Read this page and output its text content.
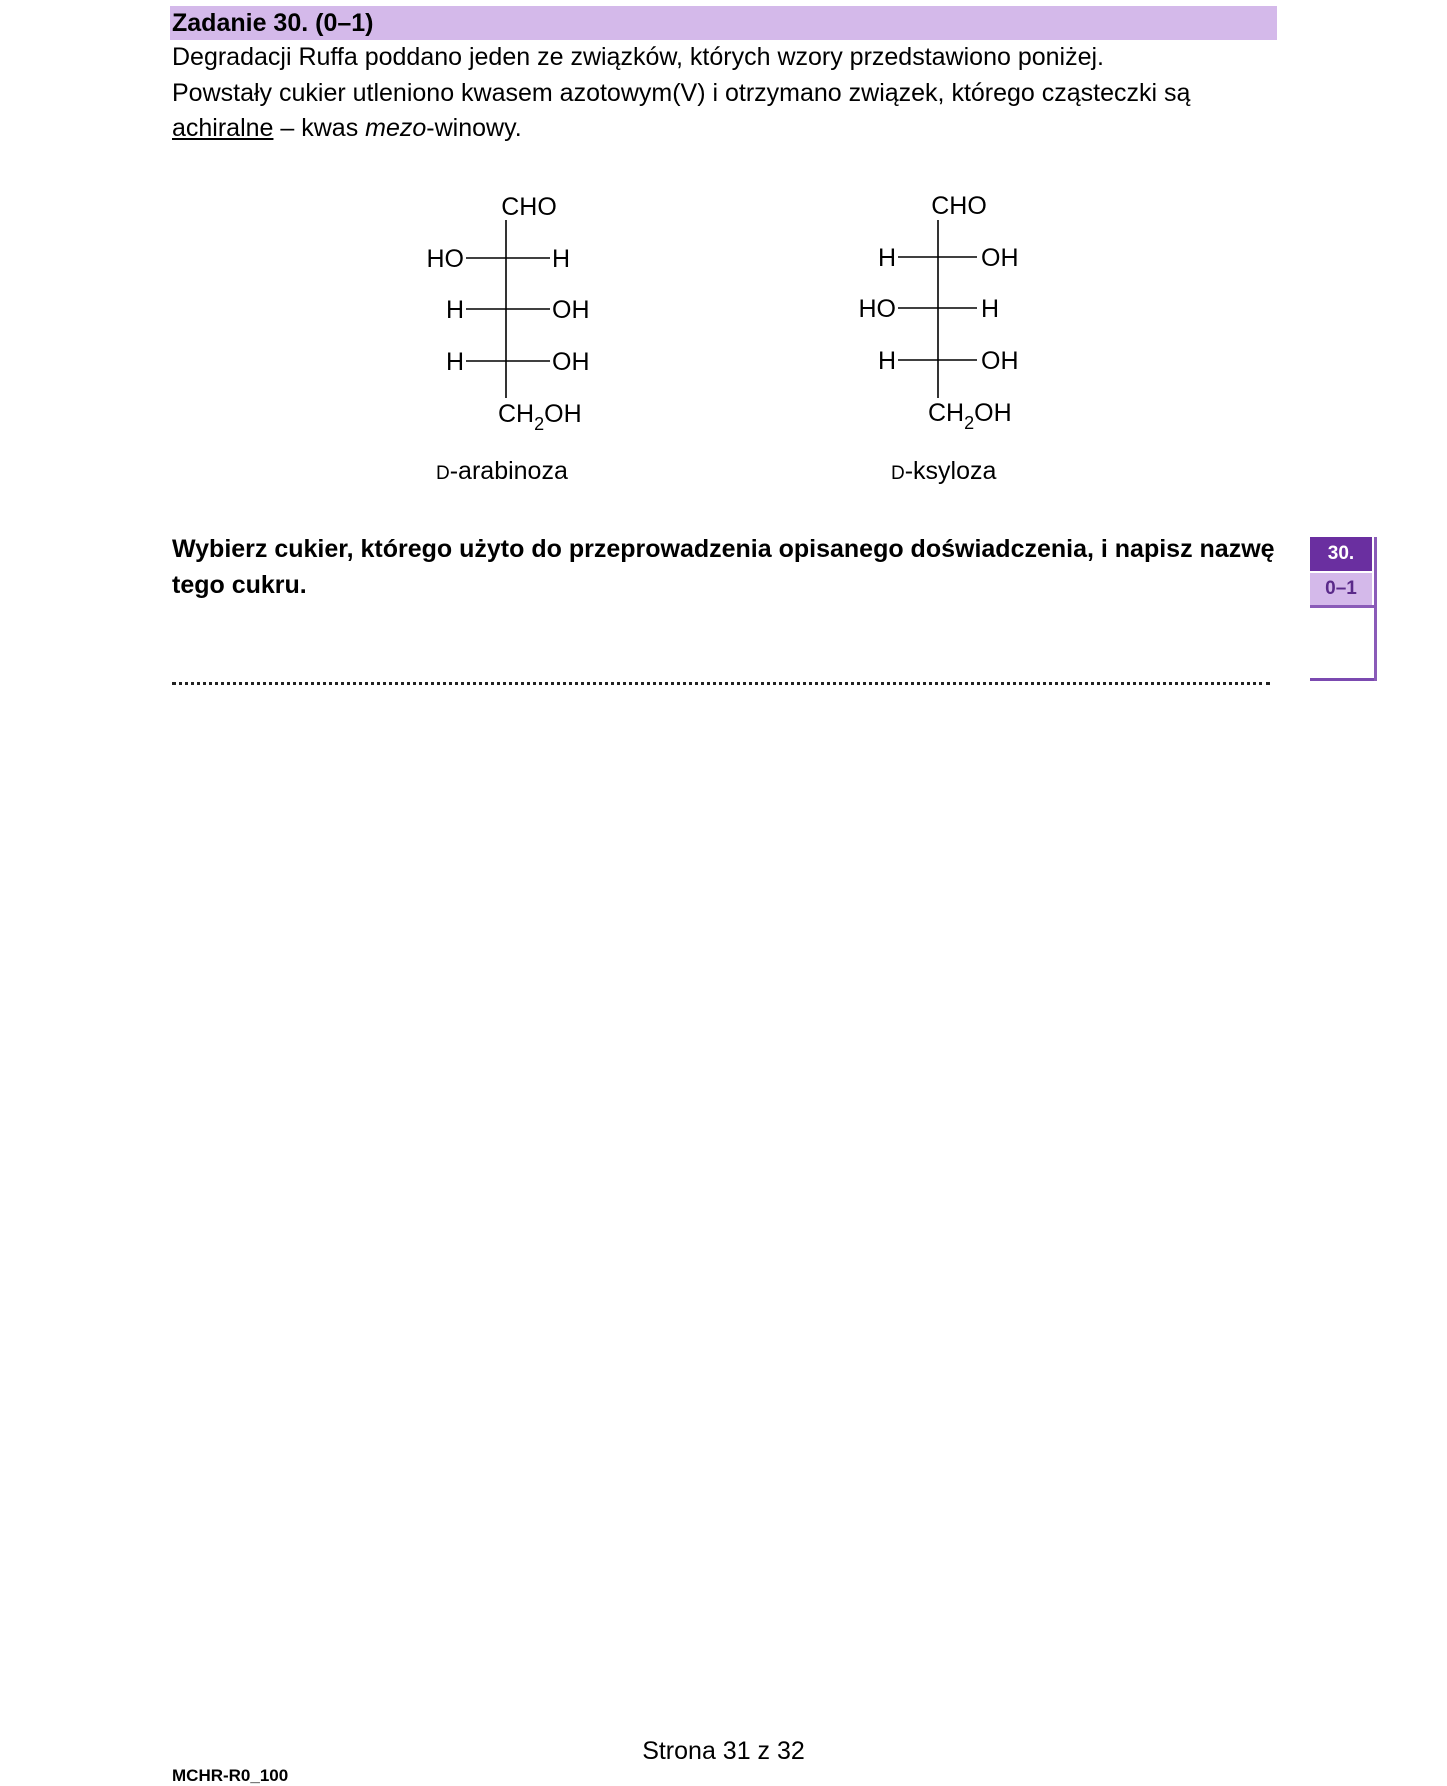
Zadanie 30. (0–1)
Degradacji Ruffa poddano jeden ze związków, których wzory przedstawiono poniżej.
Powstały cukier utleniono kwasem azotowym(V) i otrzymano związek, którego cząsteczki są
achiralne – kwas mezo-winowy.
CHO
HO	H
H	OH
H	OH
$CH_2OH$
D-arabinoza
CHO
H	OH
HO	H
H	OH
$CH_2OH$
D-ksyloza
Wybierz cukier, którego użyto do przeprowadzenia opisanego doświadczenia, i napisz nazwę tego cukru.
30.
0–1
Strona 31 z 32
MCHR-R0_100
